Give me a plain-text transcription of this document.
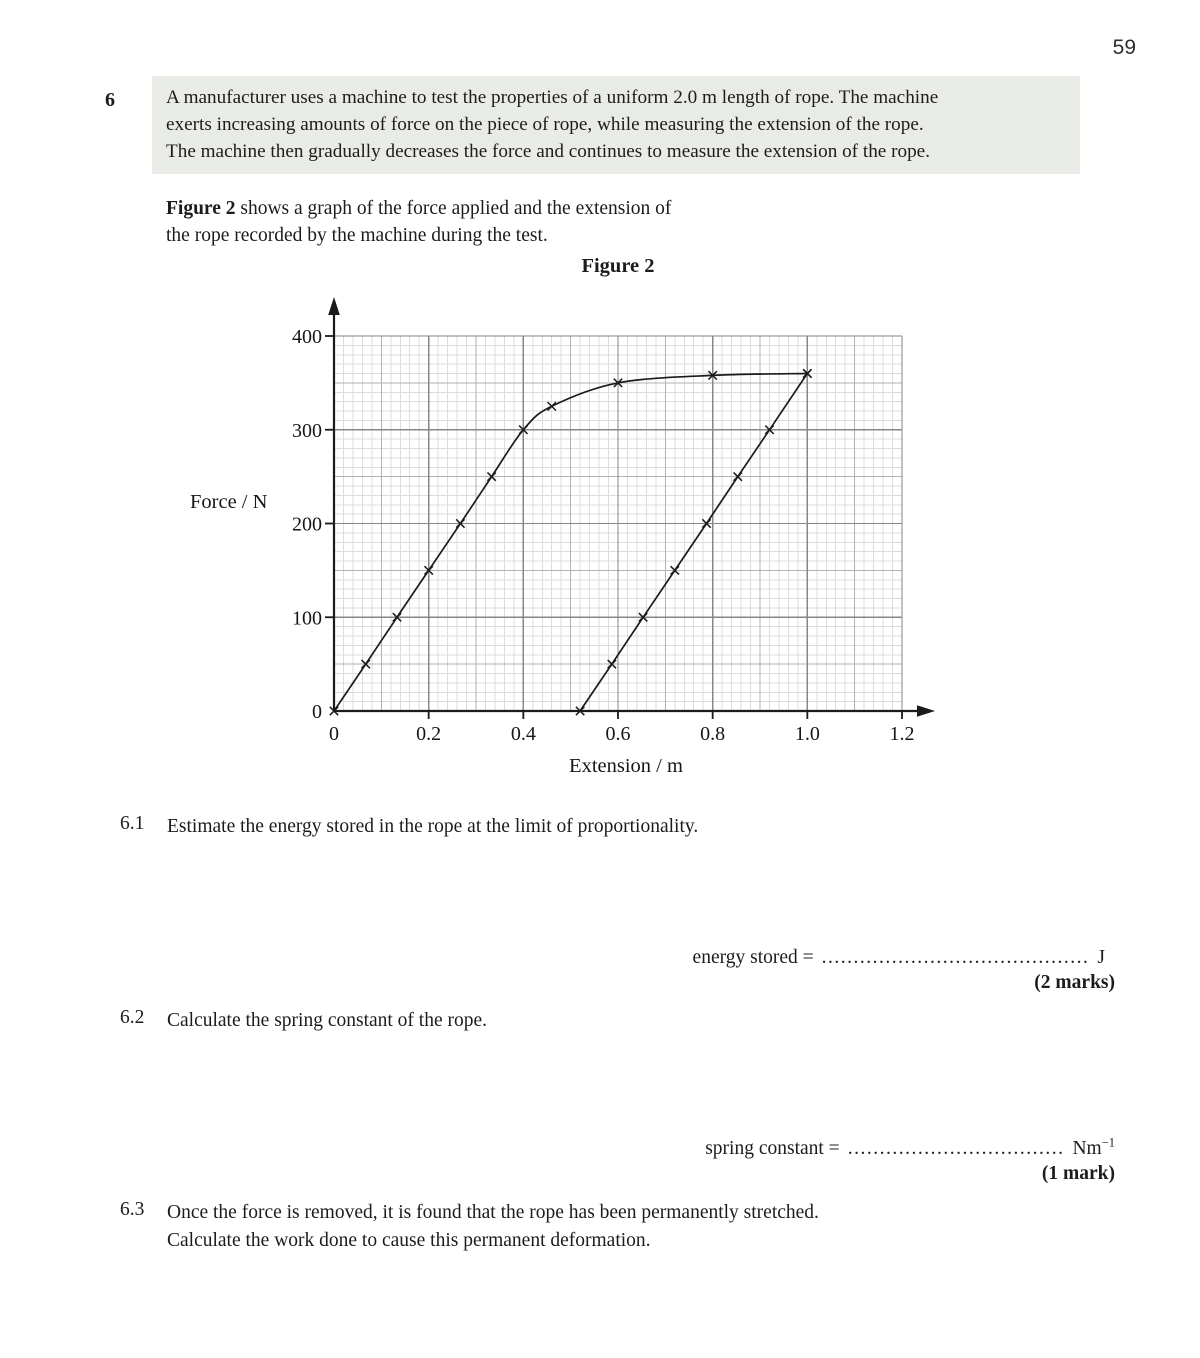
59
6	A manufacturer uses a machine to test the properties of a uniform 2.0 m length of rope. The machine
exerts increasing amounts of force on the piece of rope, while measuring the extension of the rope.
The machine then gradually decreases the force and continues to measure the extension of the rope.

Figure 2 shows a graph of the force applied and the extension of
the rope recorded by the machine during the test.

Figure 2
0
100
200
300
400
0	0.2	0.4	0.6	0.8	1.0	1.2
Force / N
Extension / m
6.1 Estimate the energy stored in the rope at the limit of proportionality.
energy stored = .......................................... J
(2 marks)
6.2 Calculate the spring constant of the rope.
spring constant = .................................. $Nm^{-1}$
(1 mark)
6.3 Once the force is removed, it is found that the rope has been permanently stretched.
Calculate the work done to cause this permanent deformation.
